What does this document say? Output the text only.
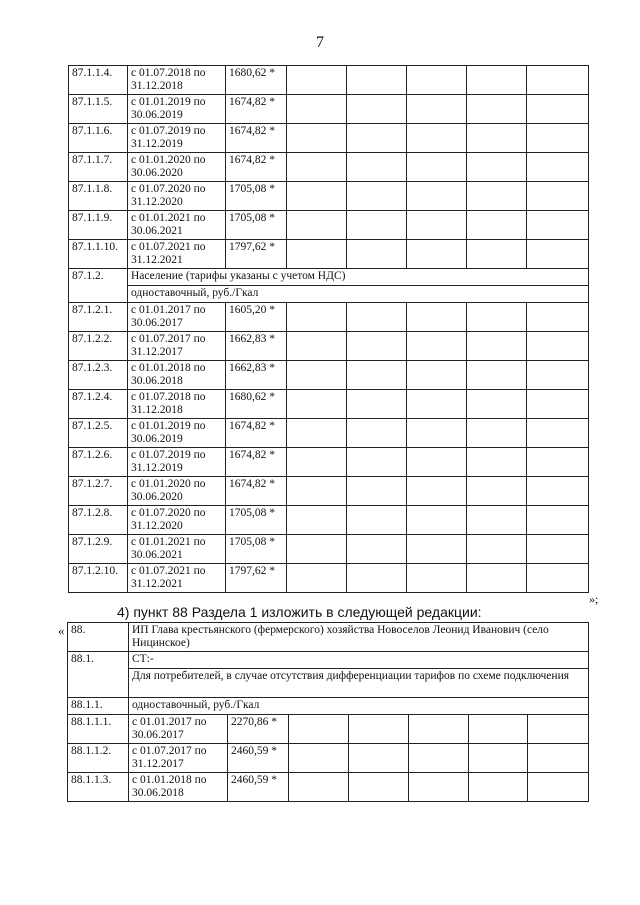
7
87.1.1.4.	с 01.07.2018 по 31.12.2018	1680,62 *					
87.1.1.5.	с 01.01.2019 по 30.06.2019	1674,82 *					
87.1.1.6.	с 01.07.2019 по 31.12.2019	1674,82 *					
87.1.1.7.	с 01.01.2020 по 30.06.2020	1674,82 *					
87.1.1.8.	с 01.07.2020 по 31.12.2020	1705,08 *					
87.1.1.9.	с 01.01.2021 по 30.06.2021	1705,08 *					
87.1.1.10.	с 01.07.2021 по 31.12.2021	1797,62 *					
87.1.2.	Население (тарифы указаны с учетом НДС)						
	одноставочный, руб./Гкал						
87.1.2.1.	с 01.01.2017 по 30.06.2017	1605,20 *					
87.1.2.2.	с 01.07.2017 по 31.12.2017	1662,83 *					
87.1.2.3.	с 01.01.2018 по 30.06.2018	1662,83 *					
87.1.2.4.	с 01.07.2018 по 31.12.2018	1680,62 *					
87.1.2.5.	с 01.01.2019 по 30.06.2019	1674,82 *					
87.1.2.6.	с 01.07.2019 по 31.12.2019	1674,82 *					
87.1.2.7.	с 01.01.2020 по 30.06.2020	1674,82 *					
87.1.2.8.	с 01.07.2020 по 31.12.2020	1705,08 *					
87.1.2.9.	с 01.01.2021 по 30.06.2021	1705,08 *					
87.1.2.10.	с 01.07.2021 по 31.12.2021	1797,62 *					
»;
4) пункт 88 Раздела 1 изложить в следующей редакции:
« 88.	ИП Глава крестьянского (фермерского) хозяйства Новоселов Леонид Иванович (село Ницинское)						
88.1.	СТ:-						
	Для потребителей, в случае отсутствия дифференциации тарифов по схеме подключения						
88.1.1.	одноставочный, руб./Гкал						
88.1.1.1.	с 01.01.2017 по 30.06.2017	2270,86 *					
88.1.1.2.	с 01.07.2017 по 31.12.2017	2460,59 *					
88.1.1.3.	с 01.01.2018 по 30.06.2018	2460,59 *					
